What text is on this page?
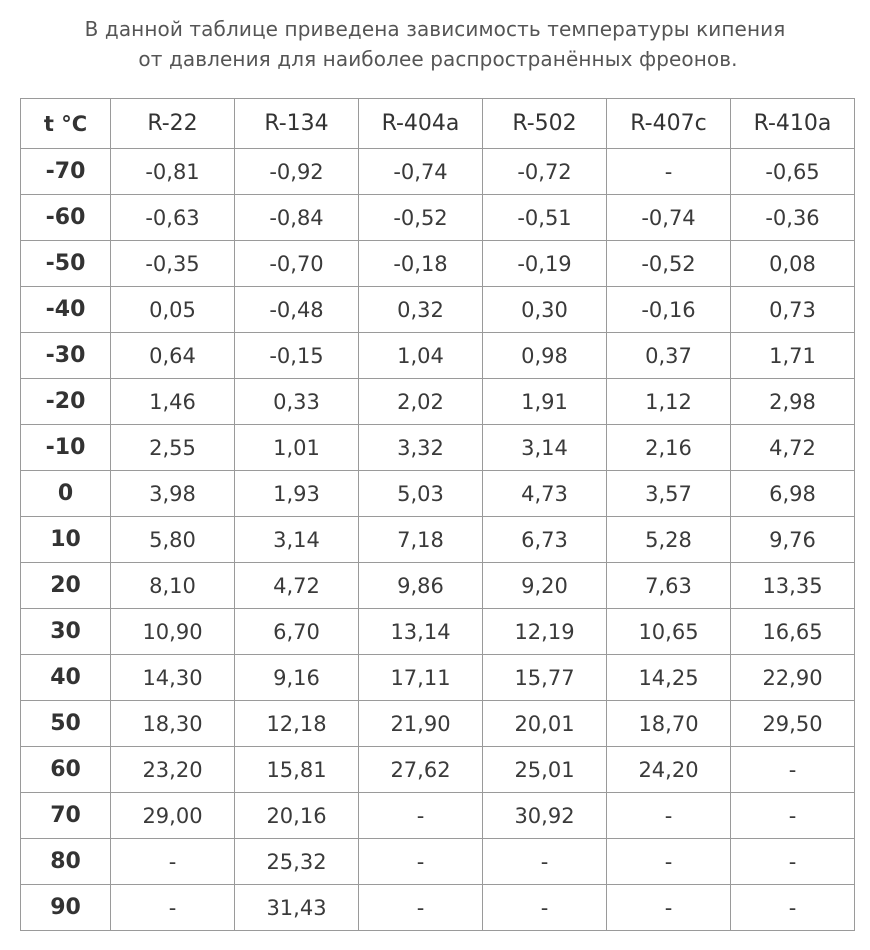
В данной таблице приведена зависимость температуры кипения
от давления для наиболее распространённых фреонов.
t °C	R-22	R-134	R-404a	R-502	R-407c	R-410a
-70	-0,81	-0,92	-0,74	-0,72	-	-0,65
-60	-0,63	-0,84	-0,52	-0,51	-0,74	-0,36
-50	-0,35	-0,70	-0,18	-0,19	-0,52	0,08
-40	0,05	-0,48	0,32	0,30	-0,16	0,73
-30	0,64	-0,15	1,04	0,98	0,37	1,71
-20	1,46	0,33	2,02	1,91	1,12	2,98
-10	2,55	1,01	3,32	3,14	2,16	4,72
0	3,98	1,93	5,03	4,73	3,57	6,98
10	5,80	3,14	7,18	6,73	5,28	9,76
20	8,10	4,72	9,86	9,20	7,63	13,35
30	10,90	6,70	13,14	12,19	10,65	16,65
40	14,30	9,16	17,11	15,77	14,25	22,90
50	18,30	12,18	21,90	20,01	18,70	29,50
60	23,20	15,81	27,62	25,01	24,20	-
70	29,00	20,16	-	30,92	-	-
80	-	25,32	-	-	-	-
90	-	31,43	-	-	-	-
